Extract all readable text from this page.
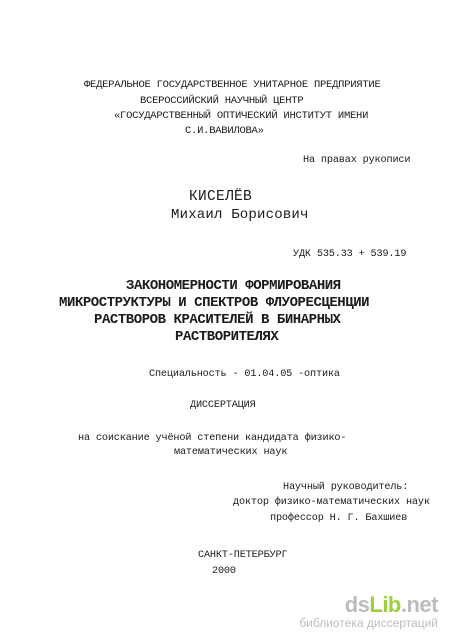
ФЕДЕРАЛЬНОЕ ГОСУДАРСТВЕННОЕ УНИТАРНОЕ ПРЕДПРИЯТИЕ
ВСЕРОССИЙСКИЙ НАУЧНЫЙ ЦЕНТР
«ГОСУДАРСТВЕННЫЙ ОПТИЧЕСКИЙ ИНСТИТУТ ИМЕНИ
С.И.ВАВИЛОВА»
На правах рукописи
КИСЕЛЁВ
Михаил Борисович
УДК 535.33 + 539.19
ЗАКОНОМЕРНОСТИ ФОРМИРОВАНИЯ
МИКРОСТРУКТУРЫ И СПЕКТРОВ ФЛУОРЕСЦЕНЦИИ
РАСТВОРОВ КРАСИТЕЛЕЙ В БИНАРНЫХ
РАСТВОРИТЕЛЯХ
Специальность - 01.04.05 -оптика
ДИССЕРТАЦИЯ
на соискание учёной степени кандидата физико-
математических наук
Научный руководитель:
доктор физико-математических наук
профессор Н. Г. Бахшиев
САНКТ-ПЕТЕРБУРГ
2000
dsLib.net
библиотека диссертаций
